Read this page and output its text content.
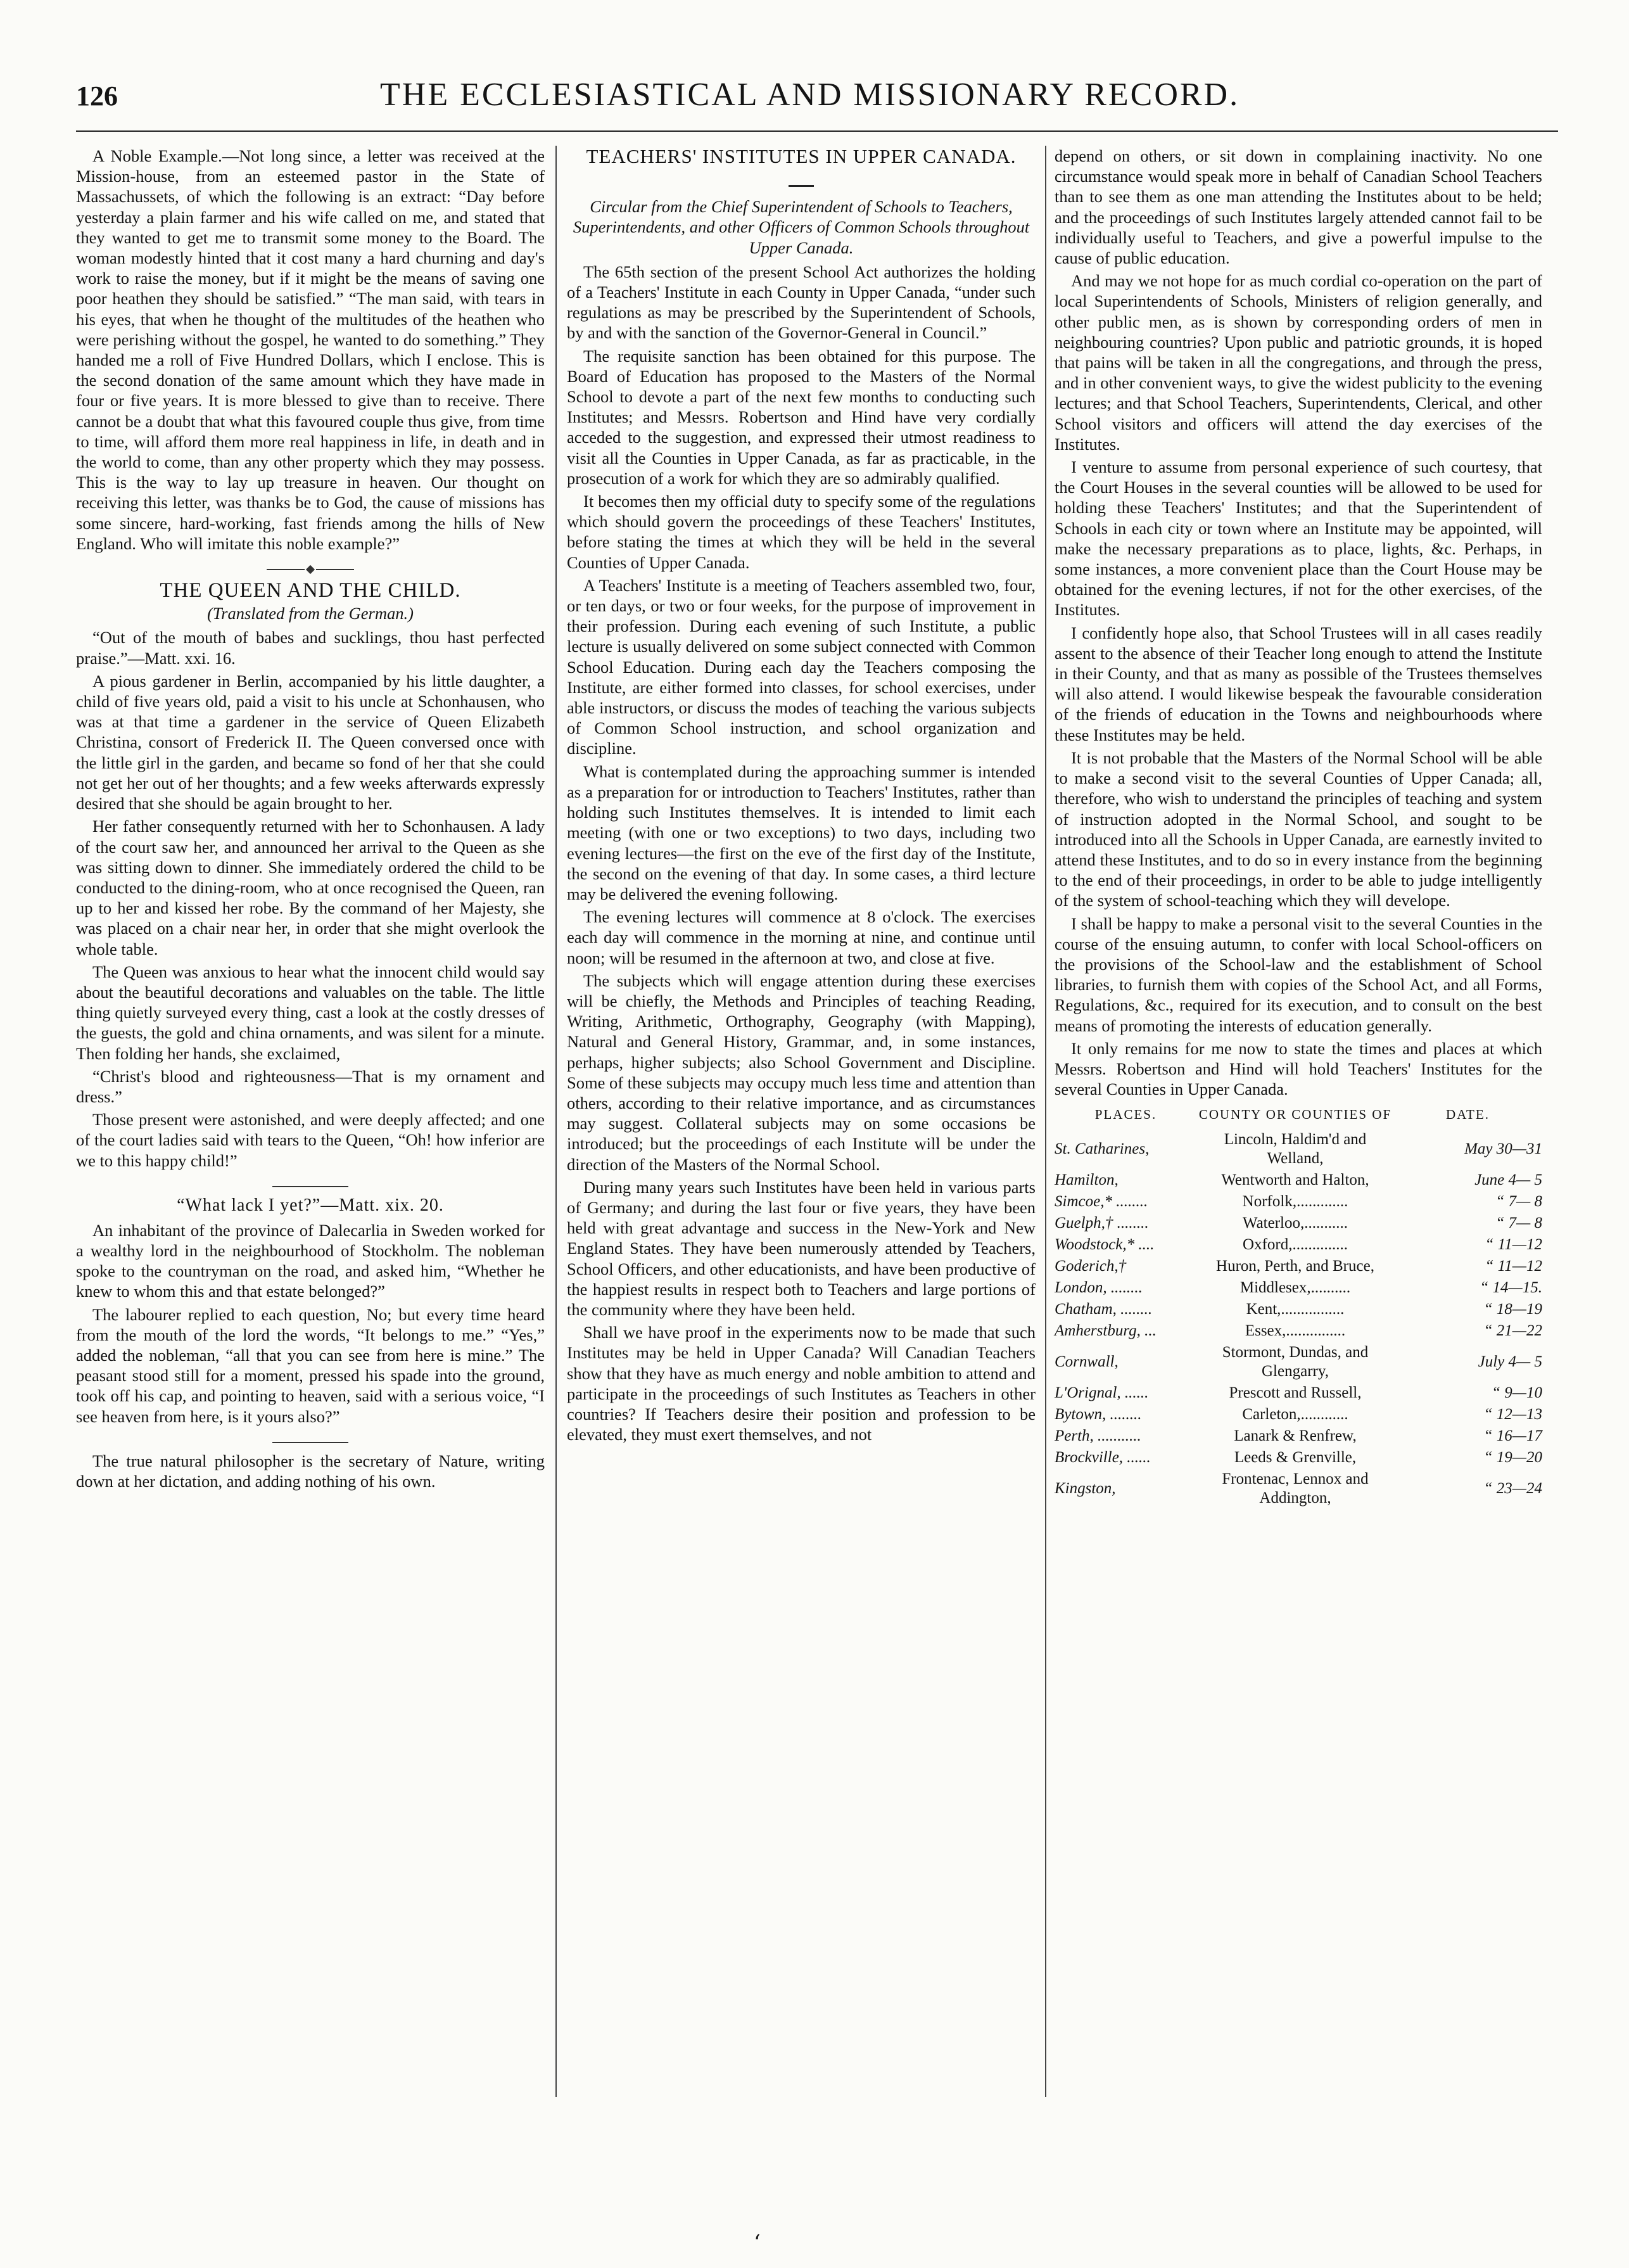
126	THE ECCLESIASTICAL AND MISSIONARY RECORD.

A Noble Example.—Not long since, a letter was received at the Mission-house, from an esteemed pastor in the State of Massachussets, of which the following is an extract: “Day before yesterday a plain farmer and his wife called on me, and stated that they wanted to get me to transmit some money to the Board. The woman modestly hinted that it cost many a hard churning and day's work to raise the money, but if it might be the means of saving one poor heathen they should be satisfied.” “The man said, with tears in his eyes, that when he thought of the multitudes of the heathen who were perishing without the gospel, he wanted to do something.” They handed me a roll of Five Hundred Dollars, which I enclose. This is the second donation of the same amount which they have made in four or five years. It is more blessed to give than to receive. There cannot be a doubt that what this favoured couple thus give, from time to time, will afford them more real happiness in life, in death and in the world to come, than any other property which they may possess. This is the way to lay up treasure in heaven. Our thought on receiving this letter, was thanks be to God, the cause of missions has some sincere, hard-working, fast friends among the hills of New England. Who will imitate this noble example?”

THE QUEEN AND THE CHILD.
(Translated from the German.)

“Out of the mouth of babes and sucklings, thou hast perfected praise.”—Matt. xxi. 16.

A pious gardener in Berlin, accompanied by his little daughter, a child of five years old, paid a visit to his uncle at Schonhausen, who was at that time a gardener in the service of Queen Elizabeth Christina, consort of Frederick II. The Queen conversed once with the little girl in the garden, and became so fond of her that she could not get her out of her thoughts; and a few weeks afterwards expressly desired that she should be again brought to her.

Her father consequently returned with her to Schonhausen. A lady of the court saw her, and announced her arrival to the Queen as she was sitting down to dinner. She immediately ordered the child to be conducted to the dining-room, who at once recognised the Queen, ran up to her and kissed her robe. By the command of her Majesty, she was placed on a chair near her, in order that she might overlook the whole table.

The Queen was anxious to hear what the innocent child would say about the beautiful decorations and valuables on the table. The little thing quietly surveyed every thing, cast a look at the costly dresses of the guests, the gold and china ornaments, and was silent for a minute. Then folding her hands, she exclaimed,

“Christ's blood and righteousness—That is my ornament and dress.”

Those present were astonished, and were deeply affected; and one of the court ladies said with tears to the Queen, “Oh! how inferior are we to this happy child!”

“What lack I yet?”—Matt. xix. 20.

An inhabitant of the province of Dalecarlia in Sweden worked for a wealthy lord in the neighbourhood of Stockholm. The nobleman spoke to the countryman on the road, and asked him, “Whether he knew to whom this and that estate belonged?”

The labourer replied to each question, No; but every time heard from the mouth of the lord the words, “It belongs to me.” “Yes,” added the nobleman, “all that you can see from here is mine.” The peasant stood still for a moment, pressed his spade into the ground, took off his cap, and pointing to heaven, said with a serious voice, “I see heaven from here, is it yours also?”

The true natural philosopher is the secretary of Nature, writing down at her dictation, and adding nothing of his own.

TEACHERS' INSTITUTES IN UPPER CANADA.
Circular from the Chief Superintendent of Schools to Teachers, Superintendents, and other Officers of Common Schools throughout Upper Canada.

The 65th section of the present School Act authorizes the holding of a Teachers' Institute in each County in Upper Canada, “under such regulations as may be prescribed by the Superintendent of Schools, by and with the sanction of the Governor-General in Council.”

The requisite sanction has been obtained for this purpose. The Board of Education has proposed to the Masters of the Normal School to devote a part of the next few months to conducting such Institutes; and Messrs. Robertson and Hind have very cordially acceded to the suggestion, and expressed their utmost readiness to visit all the Counties in Upper Canada, as far as practicable, in the prosecution of a work for which they are so admirably qualified.

It becomes then my official duty to specify some of the regulations which should govern the proceedings of these Teachers' Institutes, before stating the times at which they will be held in the several Counties of Upper Canada.

A Teachers' Institute is a meeting of Teachers assembled two, four, or ten days, or two or four weeks, for the purpose of improvement in their profession. During each evening of such Institute, a public lecture is usually delivered on some subject connected with Common School Education. During each day the Teachers composing the Institute, are either formed into classes, for school exercises, under able instructors, or discuss the modes of teaching the various subjects of Common School instruction, and school organization and discipline.

What is contemplated during the approaching summer is intended as a preparation for or introduction to Teachers' Institutes, rather than holding such Institutes themselves. It is intended to limit each meeting (with one or two exceptions) to two days, including two evening lectures—the first on the eve of the first day of the Institute, the second on the evening of that day. In some cases, a third lecture may be delivered the evening following.

The evening lectures will commence at 8 o'clock. The exercises each day will commence in the morning at nine, and continue until noon; will be resumed in the afternoon at two, and close at five.

The subjects which will engage attention during these exercises will be chiefly, the Methods and Principles of teaching Reading, Writing, Arithmetic, Orthography, Geography (with Mapping), Natural and General History, Grammar, and, in some instances, perhaps, higher subjects; also School Government and Discipline. Some of these subjects may occupy much less time and attention than others, according to their relative importance, and as circumstances may suggest. Collateral subjects may on some occasions be introduced; but the proceedings of each Institute will be under the direction of the Masters of the Normal School.

During many years such Institutes have been held in various parts of Germany; and during the last four or five years, they have been held with great advantage and success in the New-York and New England States. They have been numerously attended by Teachers, School Officers, and other educationists, and have been productive of the happiest results in respect both to Teachers and large portions of the community where they have been held.

Shall we have proof in the experiments now to be made that such Institutes may be held in Upper Canada? Will Canadian Teachers show that they have as much energy and noble ambition to attend and participate in the proceedings of such Institutes as Teachers in other countries? If Teachers desire their position and profession to be elevated, they must exert themselves, and not

depend on others, or sit down in complaining inactivity. No one circumstance would speak more in behalf of Canadian School Teachers than to see them as one man attending the Institutes about to be held; and the proceedings of such Institutes largely attended cannot fail to be individually useful to Teachers, and give a powerful impulse to the cause of public education.

And may we not hope for as much cordial co-operation on the part of local Superintendents of Schools, Ministers of religion generally, and other public men, as is shown by corresponding orders of men in neighbouring countries? Upon public and patriotic grounds, it is hoped that pains will be taken in all the congregations, and through the press, and in other convenient ways, to give the widest publicity to the evening lectures; and that School Teachers, Superintendents, Clerical, and other School visitors and officers will attend the day exercises of the Institutes.

I venture to assume from personal experience of such courtesy, that the Court Houses in the several counties will be allowed to be used for holding these Teachers' Institutes; and that the Superintendent of Schools in each city or town where an Institute may be appointed, will make the necessary preparations as to place, lights, &c. Perhaps, in some instances, a more convenient place than the Court House may be obtained for the evening lectures, if not for the other exercises, of the Institutes.

I confidently hope also, that School Trustees will in all cases readily assent to the absence of their Teacher long enough to attend the Institute in their County, and that as many as possible of the Trustees themselves will also attend. I would likewise bespeak the favourable consideration of the friends of education in the Towns and neighbourhoods where these Institutes may be held.

It is not probable that the Masters of the Normal School will be able to make a second visit to the several Counties of Upper Canada; all, therefore, who wish to understand the principles of teaching and system of instruction adopted in the Normal School, and sought to be introduced into all the Schools in Upper Canada, are earnestly invited to attend these Institutes, and to do so in every instance from the beginning to the end of their proceedings, in order to be able to judge intelligently of the system of school-teaching which they will develope.

I shall be happy to make a personal visit to the several Counties in the course of the ensuing autumn, to confer with local School-officers on the provisions of the School-law and the establishment of School libraries, to furnish them with copies of the School Act, and all Forms, Regulations, &c., required for its execution, and to consult on the best means of promoting the interests of education generally.

It only remains for me now to state the times and places at which Messrs. Robertson and Hind will hold Teachers' Institutes for the several Counties in Upper Canada.

PLACES.	COUNTY OR COUNTIES OF	DATE.
St. Catharines,	Lincoln, Haldim'd and Welland,	May 30—31
Hamilton,	Wentworth and Halton,	June 4— 5
Simcoe,* ........	Norfolk,.............	“ 7— 8
Guelph,† ........	Waterloo,...........	“ 7— 8
Woodstock,* ....	Oxford,..............	“ 11—12
Goderich,†	Huron, Perth, and Bruce,	“ 11—12
London, ........	Middlesex,..........	“ 14—15.
Chatham, ........	Kent,................	“ 18—19
Amherstburg, ...	Essex,...............	“ 21—22
Cornwall,	Stormont, Dundas, and Glengarry,	July 4— 5
L'Orignal, ......	Prescott and Russell,	“ 9—10
Bytown, ........	Carleton,............	“ 12—13
Perth, ...........	Lanark & Renfrew,	“ 16—17
Brockville, ......	Leeds & Grenville,	“ 19—20
Kingston,	Frontenac, Lennox and Addington,	“ 23—24
ʻ
